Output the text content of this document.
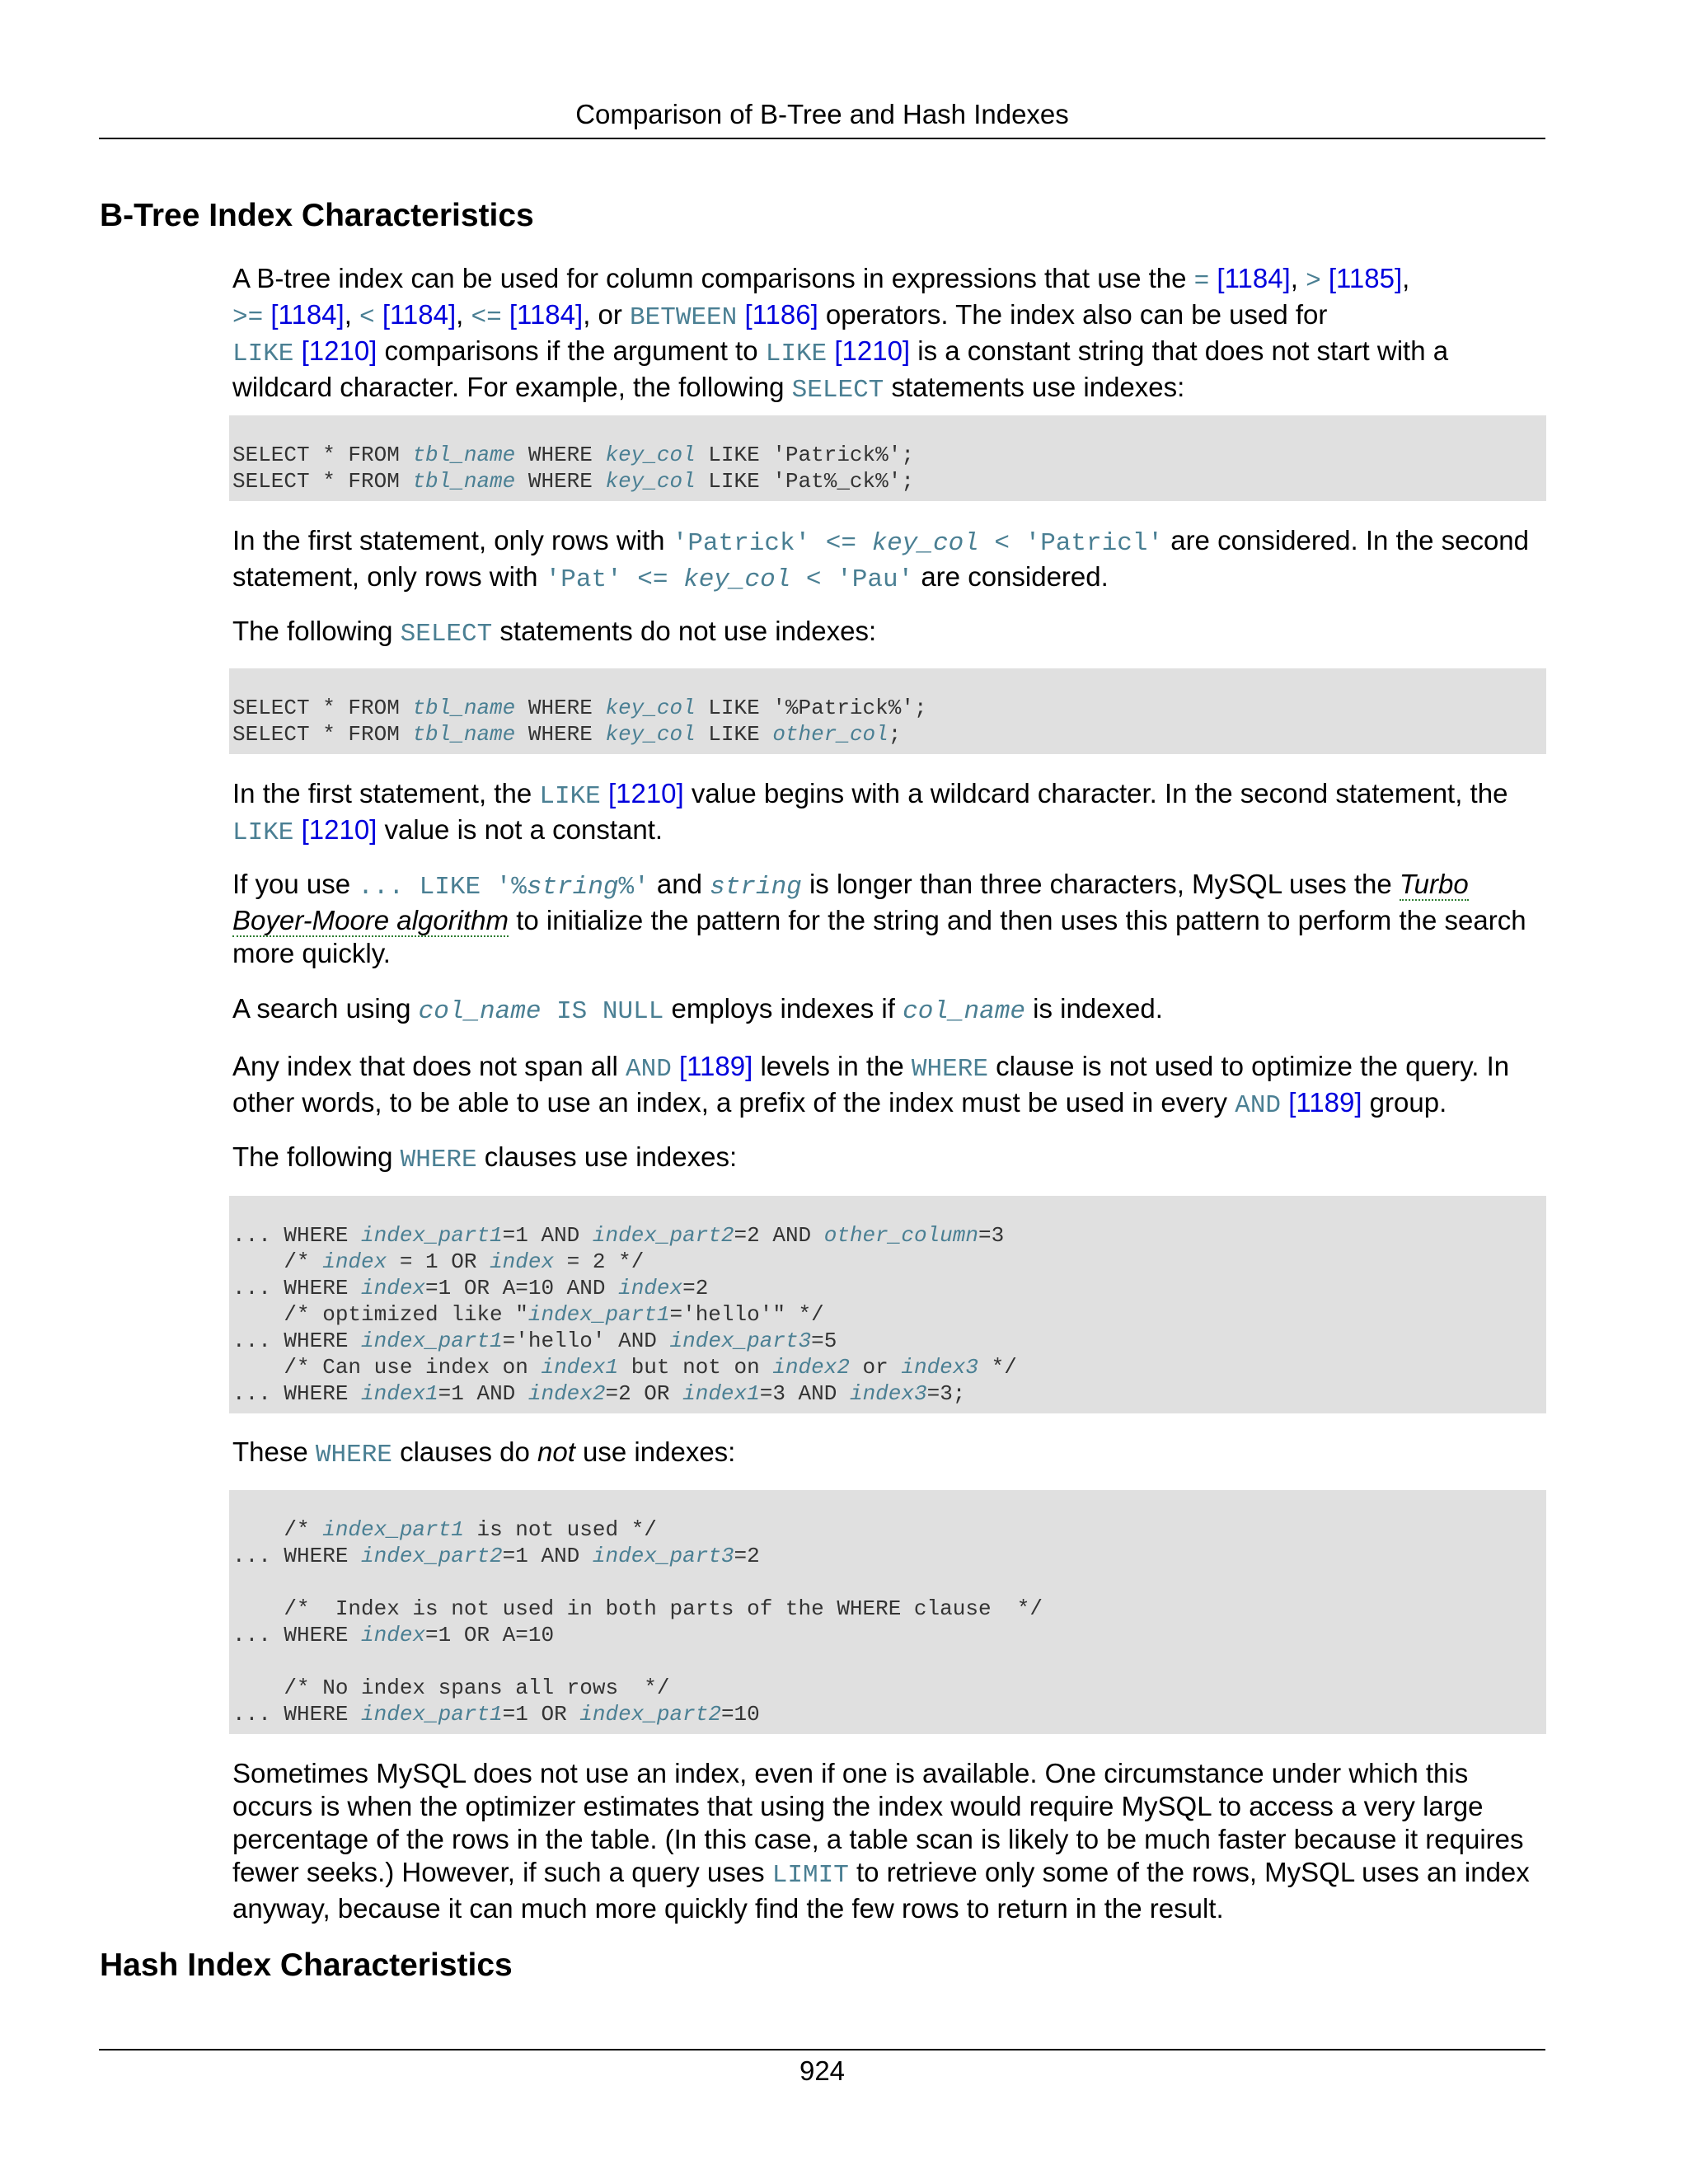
Comparison of B-Tree and Hash Indexes
B-Tree Index Characteristics

A B-tree index can be used for column comparisons in expressions that use the = [1184], > [1185],
>= [1184], < [1184], <= [1184], or BETWEEN [1186] operators. The index also can be used for
LIKE [1210] comparisons if the argument to LIKE [1210] is a constant string that does not start with a wildcard character. For example, the following SELECT statements use indexes:

SELECT * FROM tbl_name WHERE key_col LIKE 'Patrick%';
SELECT * FROM tbl_name WHERE key_col LIKE 'Pat%_ck%';

In the first statement, only rows with 'Patrick' <= key_col < 'Patricl' are considered. In the second statement, only rows with 'Pat' <= key_col < 'Pau' are considered.

The following SELECT statements do not use indexes:

SELECT * FROM tbl_name WHERE key_col LIKE '%Patrick%';
SELECT * FROM tbl_name WHERE key_col LIKE other_col;

In the first statement, the LIKE [1210] value begins with a wildcard character. In the second statement, the LIKE [1210] value is not a constant.

If you use ... LIKE '%string%' and string is longer than three characters, MySQL uses the Turbo Boyer-Moore algorithm to initialize the pattern for the string and then uses this pattern to perform the search more quickly.

A search using col_name IS NULL employs indexes if col_name is indexed.

Any index that does not span all AND [1189] levels in the WHERE clause is not used to optimize the query. In other words, to be able to use an index, a prefix of the index must be used in every AND [1189] group.

The following WHERE clauses use indexes:

... WHERE index_part1=1 AND index_part2=2 AND other_column=3
/* index = 1 OR index = 2 */
... WHERE index=1 OR A=10 AND index=2
/* optimized like "index_part1='hello'" */
... WHERE index_part1='hello' AND index_part3=5
/* Can use index on index1 but not on index2 or index3 */
... WHERE index1=1 AND index2=2 OR index1=3 AND index3=3;

These WHERE clauses do not use indexes:

/* index_part1 is not used */
... WHERE index_part2=1 AND index_part3=2
/*  Index is not used in both parts of the WHERE clause  */
... WHERE index=1 OR A=10
/* No index spans all rows  */
... WHERE index_part1=1 OR index_part2=10

Sometimes MySQL does not use an index, even if one is available. One circumstance under which this occurs is when the optimizer estimates that using the index would require MySQL to access a very large percentage of the rows in the table. (In this case, a table scan is likely to be much faster because it requires fewer seeks.) However, if such a query uses LIMIT to retrieve only some of the rows, MySQL uses an index anyway, because it can much more quickly find the few rows to return in the result.

Hash Index Characteristics
924
